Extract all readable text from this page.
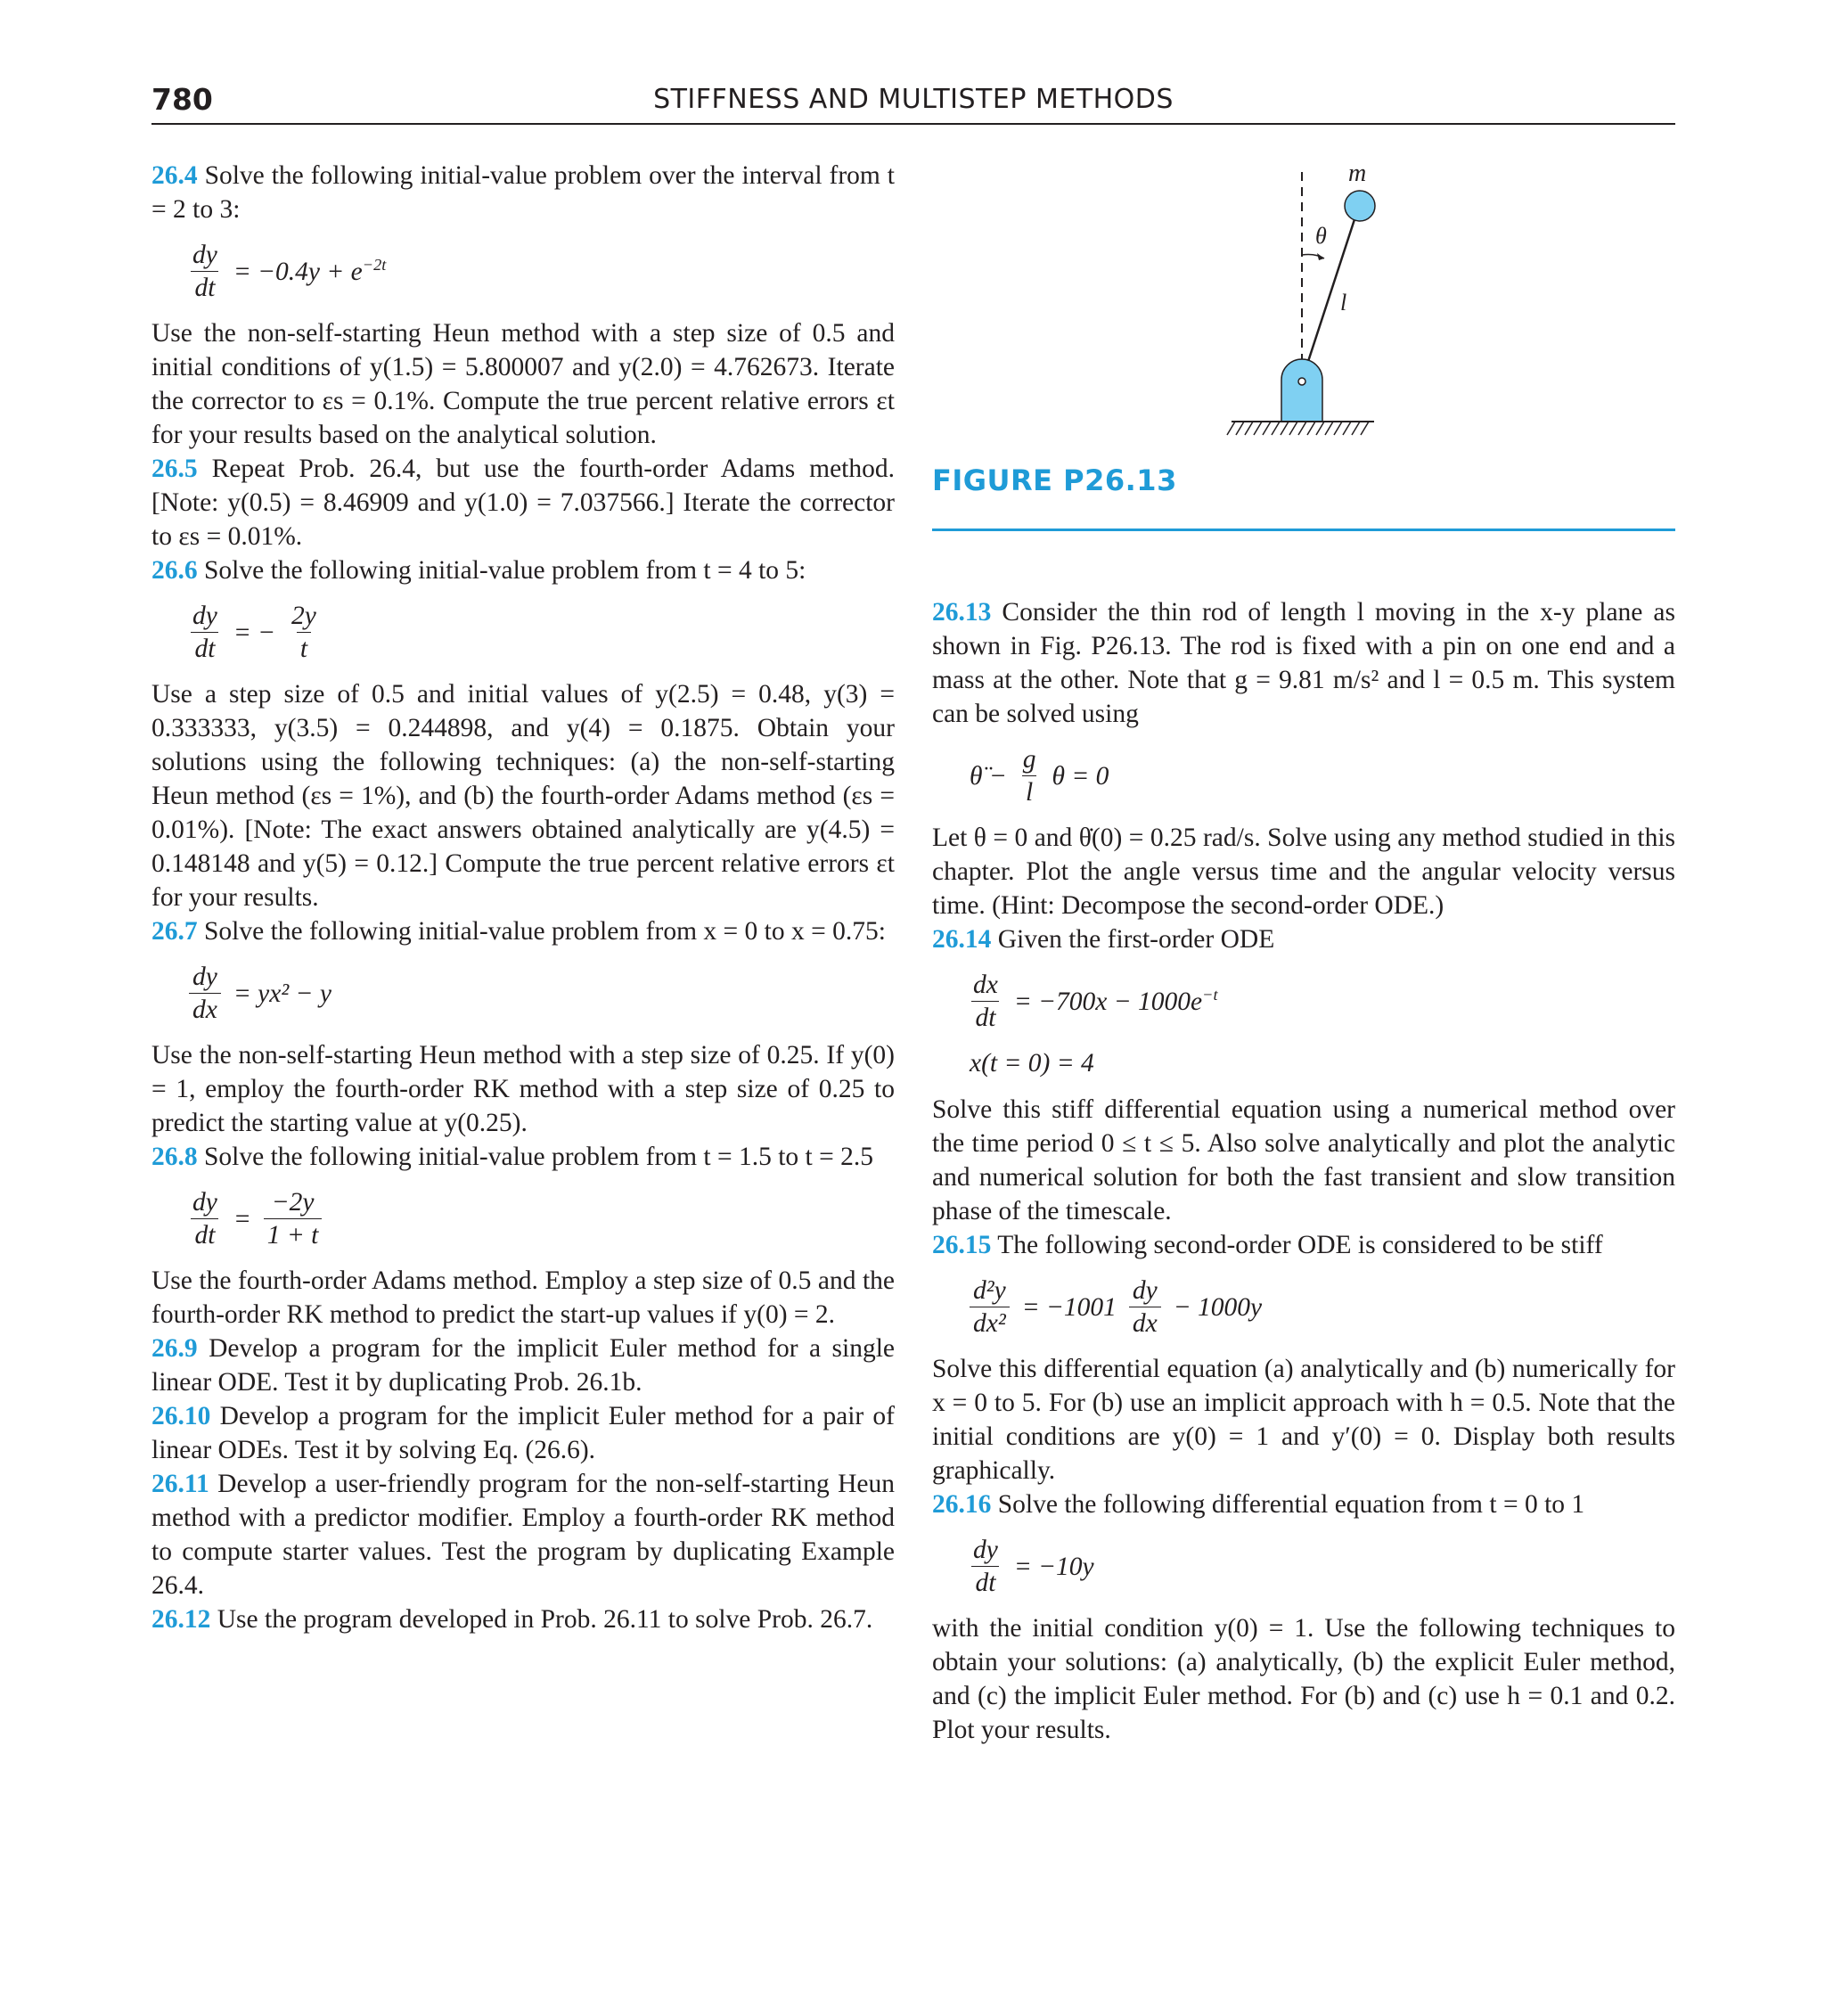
780	STIFFNESS AND MULTISTEP METHODS

26.4 Solve the following initial-value problem over the interval from t = 2 to 3:

$\frac{dy}{dt} = -0.4y + e^{-2t}$

Use the non-self-starting Heun method with a step size of 0.5 and initial conditions of y(1.5) = 5.800007 and y(2.0) = 4.762673. Iterate the corrector to εs = 0.1%. Compute the true percent relative errors εt for your results based on the analytical solution.

26.5 Repeat Prob. 26.4, but use the fourth-order Adams method. [Note: y(0.5) = 8.46909 and y(1.0) = 7.037566.] Iterate the corrector to εs = 0.01%.

26.6 Solve the following initial-value problem from t = 4 to 5:

$\frac{dy}{dt}$ = − $\frac{2y}{t}$

Use a step size of 0.5 and initial values of y(2.5) = 0.48, y(3) = 0.333333, y(3.5) = 0.244898, and y(4) = 0.1875. Obtain your solutions using the following techniques: (a) the non-self-starting Heun method (εs = 1%), and (b) the fourth-order Adams method (εs = 0.01%). [Note: The exact answers obtained analytically are y(4.5) = 0.148148 and y(5) = 0.12.] Compute the true percent relative errors εt for your results.

26.7 Solve the following initial-value problem from x = 0 to x = 0.75:

$\frac{dy}{dx} = yx^2 - y$

Use the non-self-starting Heun method with a step size of 0.25. If y(0) = 1, employ the fourth-order RK method with a step size of 0.25 to predict the starting value at y(0.25).

26.8 Solve the following initial-value problem from t = 1.5 to t = 2.5

$\frac{dy}{dt} = \frac{-2y}{1 + t}$

Use the fourth-order Adams method. Employ a step size of 0.5 and the fourth-order RK method to predict the start-up values if y(0) = 2.

26.9 Develop a program for the implicit Euler method for a single linear ODE. Test it by duplicating Prob. 26.1b.

26.10 Develop a program for the implicit Euler method for a pair of linear ODEs. Test it by solving Eq. (26.6).

26.11 Develop a user-friendly program for the non-self-starting Heun method with a predictor modifier. Employ a fourth-order RK method to compute starter values. Test the program by duplicating Example 26.4.

26.12 Use the program developed in Prob. 26.11 to solve Prob. 26.7.

m
θ
l
FIGURE P26.13

26.13 Consider the thin rod of length l moving in the x-y plane as shown in Fig. P26.13. The rod is fixed with a pin on one end and a mass at the other. Note that g = 9.81 m/s² and l = 0.5 m. This system can be solved using

θ̈ − $\frac{g}{l}$ θ = 0

Let θ = 0 and θ̇(0) = 0.25 rad/s. Solve using any method studied in this chapter. Plot the angle versus time and the angular velocity versus time. (Hint: Decompose the second-order ODE.)

26.14 Given the first-order ODE

$\frac{dx}{dt} = -700x - 1000e^{-t}$
x(t = 0) = 4

Solve this stiff differential equation using a numerical method over the time period 0 ≤ t ≤ 5. Also solve analytically and plot the analytic and numerical solution for both the fast transient and slow transition phase of the timescale.

26.15 The following second-order ODE is considered to be stiff

$\frac{\text{d²y}}{\text{dx²}} = -1001 \frac{dy}{dx} - 1000y$

Solve this differential equation (a) analytically and (b) numerically for x = 0 to 5. For (b) use an implicit approach with h = 0.5. Note that the initial conditions are y(0) = 1 and y′(0) = 0. Display both results graphically.

26.16 Solve the following differential equation from t = 0 to 1

$\frac{dy}{dt} = -10y$

with the initial condition y(0) = 1. Use the following techniques to obtain your solutions: (a) analytically, (b) the explicit Euler method, and (c) the implicit Euler method. For (b) and (c) use h = 0.1 and 0.2. Plot your results.
